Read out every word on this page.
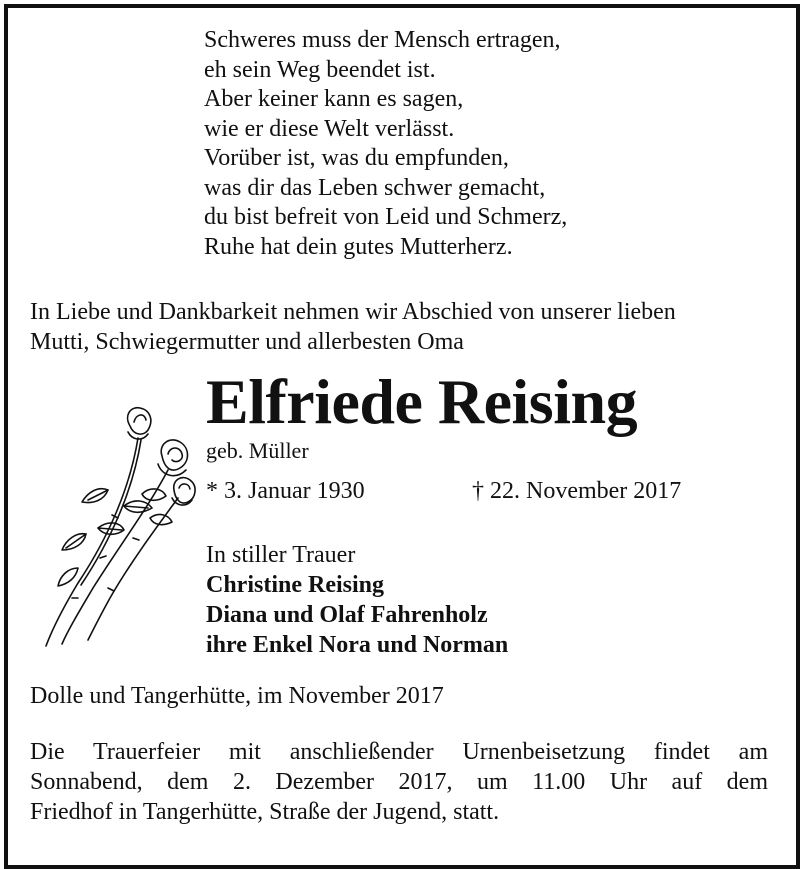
Schweres muss der Mensch ertragen,
eh sein Weg beendet ist.
Aber keiner kann es sagen,
wie er diese Welt verlässt.
Vorüber ist, was du empfunden,
was dir das Leben schwer gemacht,
du bist befreit von Leid und Schmerz,
Ruhe hat dein gutes Mutterherz.
In Liebe und Dankbarkeit nehmen wir Abschied von unserer lieben
Mutti, Schwiegermutter und allerbesten Oma
Elfriede Reising
geb. Müller
* 3. Januar 1930	† 22. November 2017
In stiller Trauer
Christine Reising
Diana und Olaf Fahrenholz
ihre Enkel Nora und Norman
Dolle und Tangerhütte, im November 2017
Die Trauerfeier mit anschließender Urnenbeisetzung findet am
Sonnabend, dem 2. Dezember 2017, um 11.00 Uhr auf dem
Friedhof in Tangerhütte, Straße der Jugend, statt.
